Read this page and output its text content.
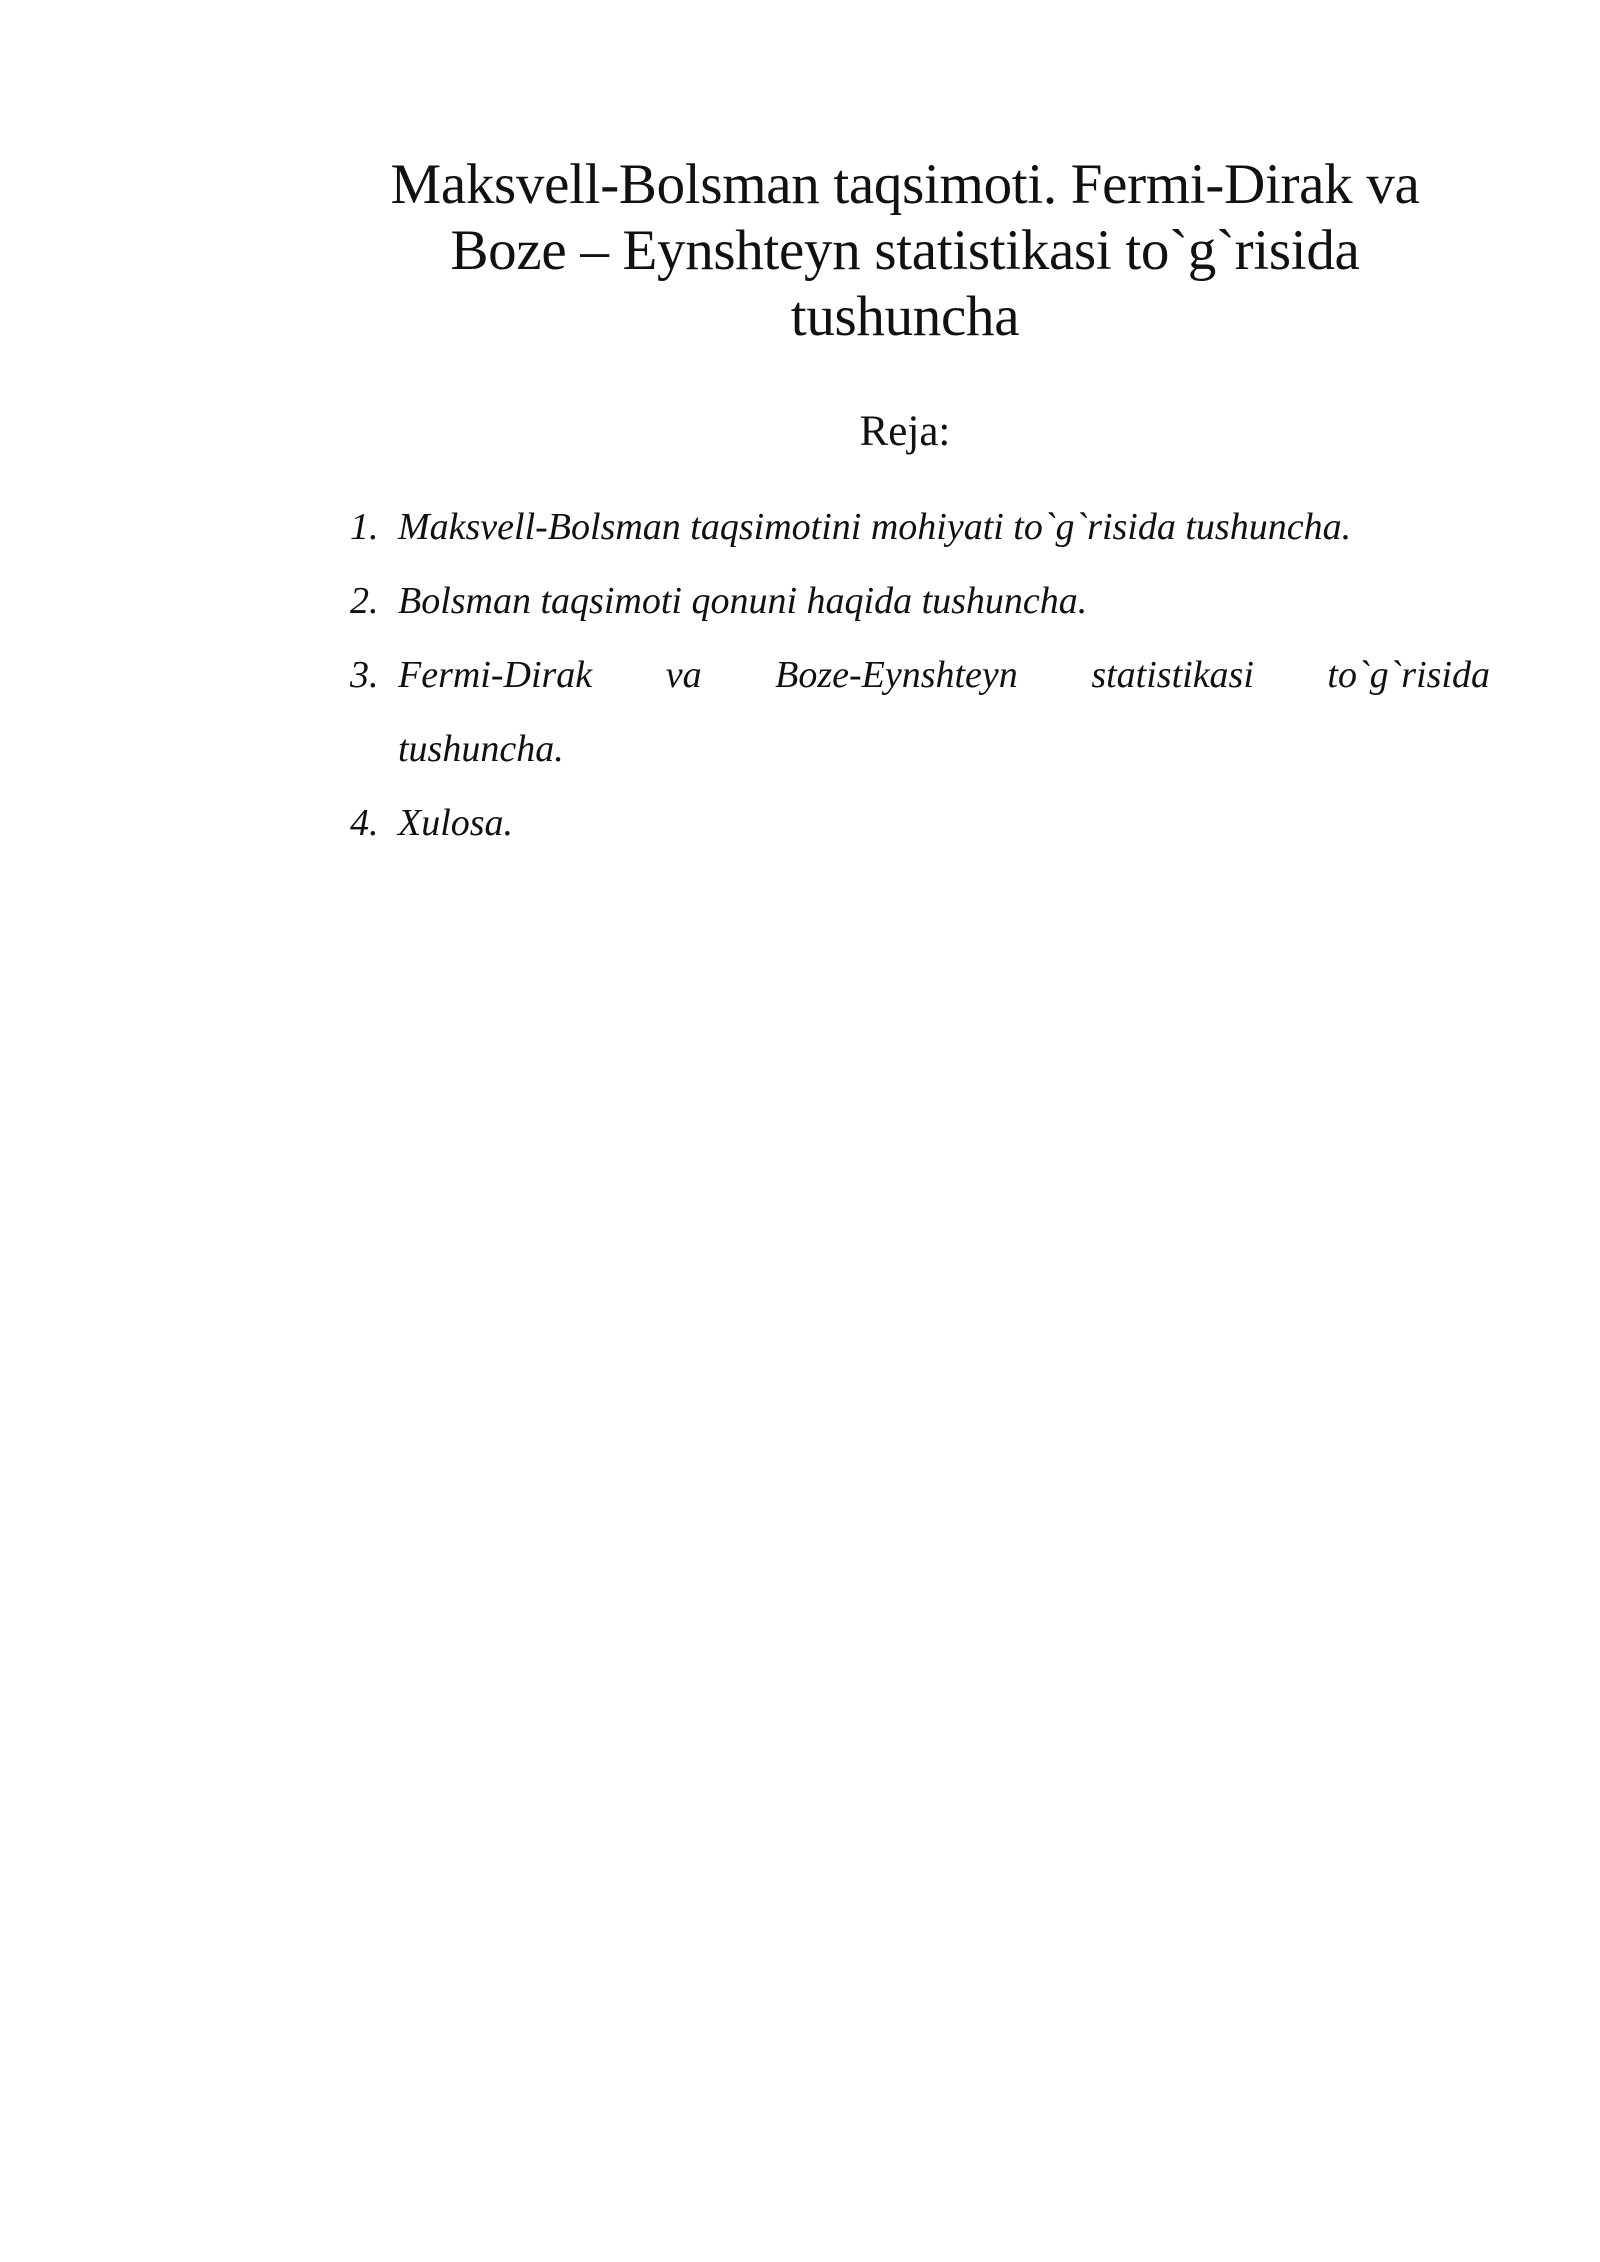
Maksvell-Bolsman taqsimoti. Fermi-Dirak va
Boze – Eynshteyn statistikasi to`g`risida
tushuncha
Reja:
1. Maksvell-Bolsman taqsimotini mohiyati to`g`risida tushuncha.
2. Bolsman taqsimoti qonuni haqida tushuncha.
3. Fermi-Dirak va Boze-Eynshteyn statistikasi to`g`risida
tushuncha.
4. Xulosa.
